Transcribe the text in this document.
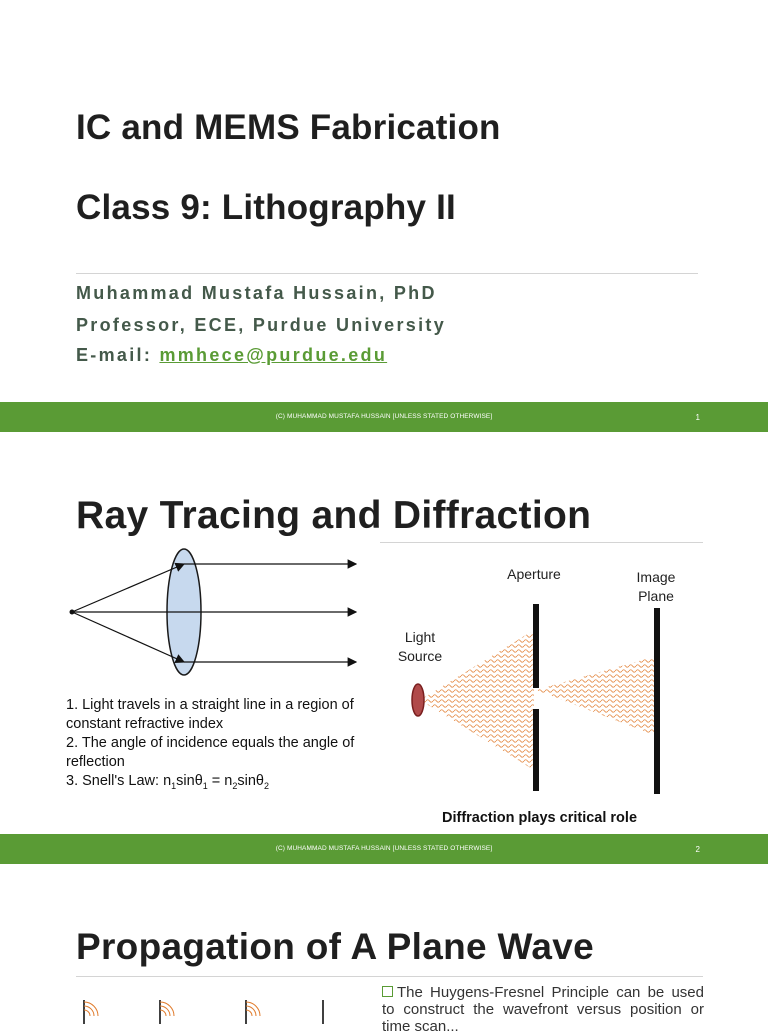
IC and MEMS Fabrication
Class 9: Lithography II
Muhammad Mustafa Hussain, PhD
Professor, ECE, Purdue University
E-mail: mmhece@purdue.edu
(C) MUHAMMAD MUSTAFA HUSSAIN [UNLESS STATED OTHERWISE]	1
Ray Tracing and Diffraction
1. Light travels in a straight line in a region of constant refractive index
2. The angle of incidence equals the angle of reflection
3. Snell's Law: $n_1\sin\theta_1 = n_2\sin\theta_2$
Aperture	Image
Plane
Light
Source
Diffraction plays critical role
(C) MUHAMMAD MUSTAFA HUSSAIN [UNLESS STATED OTHERWISE]	2
Propagation of A Plane Wave
The Huygens-Fresnel Principle can be used to construct the wavefront versus position or time scan...
